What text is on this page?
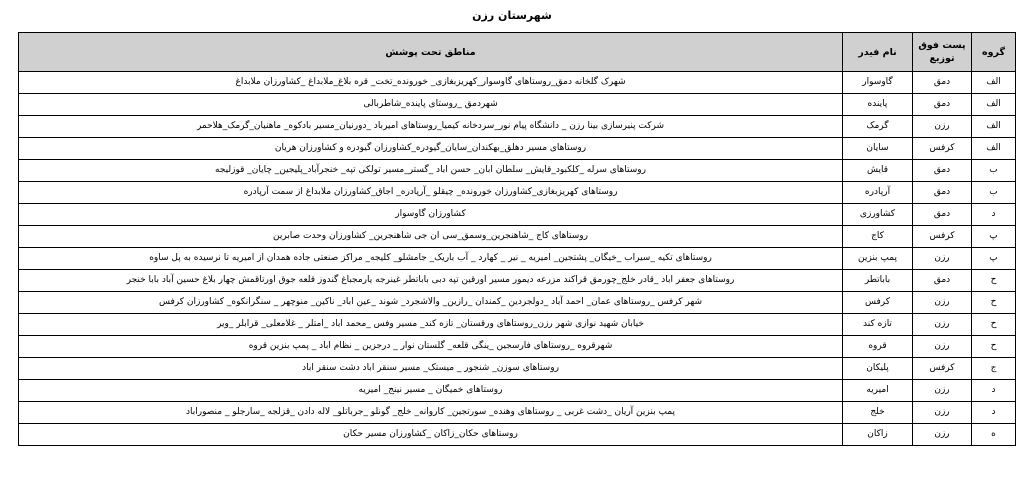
شهرستان رزن
گروه	پست فوق توزیع	نام فیدر	مناطق تحت پوشش
الف	دمق	گاوسوار	شهرک گلخانه دمق_روستاهای گاوسوار_کهریزبغازی_ خورونده_تخت_ قره بلاغ_ملابداغ _کشاورزان ملابداغ
الف	دمق	پاینده	شهردمق _روستای پاینده_شاطربالی
الف	رزن	گرمک	شرکت پنیرسازی بینا رزن _ دانشگاه پیام نور_سردخانه کیمیا_روستاهای امیرباد _دورنیان_مسیر بادکوه_ ماهنیان_گرمک_هلاحمر
الف	کرفس	سایان	روستاهای مسیر دهلق_بهکندان_سایان_گیودره_کشاورزان گیودره و کشاورزان هریان
ب	دمق	قایش	روستاهای سرله _کلکبود_قایش_ سلطان ابان_ حسن اباد _گستر_مسیر تولکی تپه_ خنجرآباد_پلیجین_ چایان_ قوزلیجه
ب	دمق	آرپادره	روستاهای کهریزبغازی_کشاورزان خورونده_ چیقلو _آرپادره_ اجاق_کشاورزان ملابداغ از سمت آرپادره
د	دمق	کشاورزی	کشاورزان گاوسوار
پ	کرفس	کاج	روستاهای کاج _شاهنجرین_وسمق_سی ان جی شاهنجرین_ کشاورزان وحدت صابرین
پ	رزن	پمپ بنزین	روستاهای تکیه _سیراب _خیگان_ پشتجین_ امیریه _ نیر _ کهارد _ آب باریک_ جامشلو_ کلیجه_ مراکز صنعتی جاده همدان از امیریه تا نرسیده به پل ساوه
ح	دمق	باباتطر	روستاهای جعفر اباد _قادر خلج_چورمق قراکند مزرعه دیمور مسیر اورقین تپه دبی باباتطر غینرجه یارمجباغ گندوز قلعه جوق اورتاقمش چهار بلاغ حسین آباد بابا خنجر
ح	رزن	کرفس	شهر کرفس _روستاهای عمان_ احمد آباد _دولجردین _کمندان _رازین_ والاشجرد_ شوند _عین اباد_ ناکین_ منوچهر _ سنگرانکوه_ کشاورزان کرفس
ح	رزن	تازه کند	خیابان شهید نوازی شهر رزن_روستاهای ورقستان_ تازه کند_ مسیر وفس _محمد اباد _امتلر _ غلامعلی_ قرابلر _ویر
ح	رزن	قروه	شهرقروه _روستاهای فارسجین _ینگی قلعه_ گلستان نوار _ درجزین _ نظام اباد _ پمپ بنزین قروه
ج	کرفس	پلیکان	روستاهای سوزن_ شنجور _ میستک_ مسیر سنقر اباد دشت سنقر اباد
د	رزن	امیریه	روستاهای خمیگان _ مسیر نینج_ امیریه
د	رزن	خلج	پمپ بنزین آریان _دشت غربی _ روستاهای وهنده_ سورتجین_ کاروانه_ خلج_ گونلو _جرباتلو_ لاله دادن _قزلجه _سارجلو _ منصوراباد
ه	رزن	زاکان	روستاهای حکان_زاکان _کشاورزان مسیر حکان
